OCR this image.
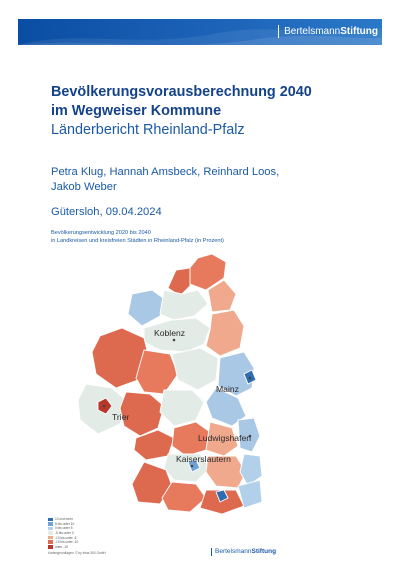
BertelsmannStiftung
Bevölkerungsvorausberechnung 2040
im Wegweiser Kommune
Länderbericht Rheinland-Pfalz
Petra Klug, Hannah Amsbeck, Reinhard Loos, Jakob Weber
Gütersloh, 09.04.2024
Bevölkerungsentwicklung 2020 bis 2040
in Landkreisen und kreisfreien Städten in Rheinland-Pfalz (in Prozent)
Koblenz
Mainz
Trier
Ludwigshafen
Kaiserslautern
10 und mehr
5 bis unter 10
0 bis unter 5
-5 bis unter 0
-10 bis unter -5
-15 bis unter -10
unter -15
Kartengrundlagen: © by Infas 360 GmbH	BertelsmannStiftung
